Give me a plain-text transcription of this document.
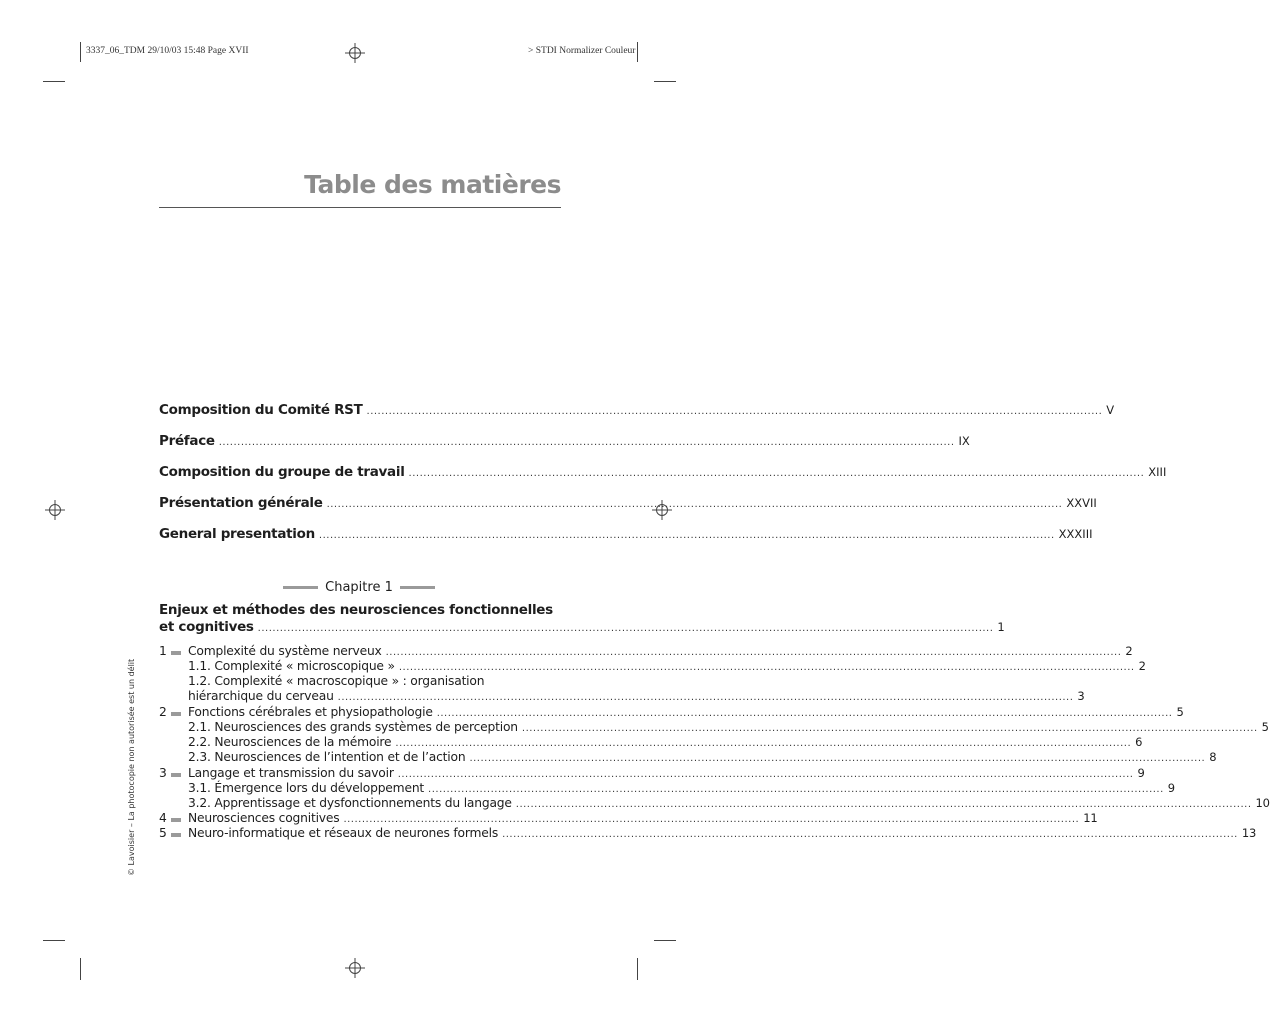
3337_06_TDM 29/10/03 15:48 Page XVII	> STDI Normalizer Couleur
Table des matières
Composition du Comité RST ........................................................................................................................................................................................................ V
Préface ........................................................................................................................................................................................................ IX
Composition du groupe de travail ........................................................................................................................................................................................................ XIII
Présentation générale ........................................................................................................................................................................................................ XXVII
General presentation ........................................................................................................................................................................................................ XXXIII
Chapitre 1
Enjeux et méthodes des neurosciences fonctionnelles
et cognitives ........................................................................................................................................................................................................ 1
1 Complexité du système nerveux ........................................................................................................................................................................................................ 2
1.1. Complexité « microscopique » ........................................................................................................................................................................................................ 2
1.2. Complexité « macroscopique » : organisation
hiérarchique du cerveau ........................................................................................................................................................................................................ 3
2 Fonctions cérébrales et physiopathologie ........................................................................................................................................................................................................ 5
2.1. Neurosciences des grands systèmes de perception ........................................................................................................................................................................................................ 5
2.2. Neurosciences de la mémoire ........................................................................................................................................................................................................ 6
2.3. Neurosciences de l’intention et de l’action ........................................................................................................................................................................................................ 8
3 Langage et transmission du savoir ........................................................................................................................................................................................................ 9
3.1. Émergence lors du développement ........................................................................................................................................................................................................ 9
3.2. Apprentissage et dysfonctionnements du langage ........................................................................................................................................................................................................ 10
4 Neurosciences cognitives ........................................................................................................................................................................................................ 11
5 Neuro-informatique et réseaux de neurones formels ........................................................................................................................................................................................................ 13
© Lavoisier – La photocopie non autorisée est un délit
